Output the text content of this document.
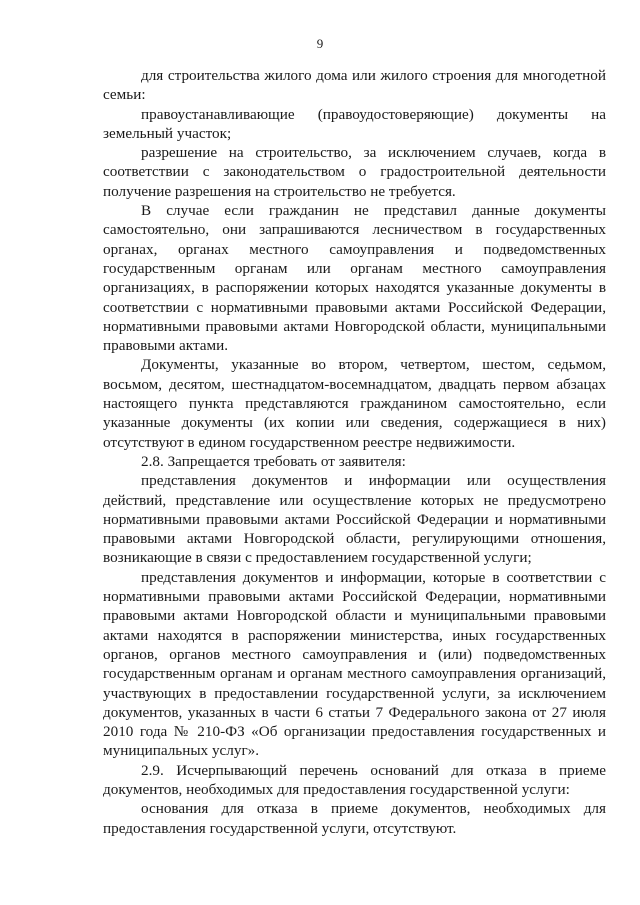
9

для строительства жилого дома или жилого строения для многодетной семьи:

правоустанавливающие (правоудостоверяющие) документы на земельный участок;

разрешение на строительство, за исключением случаев, когда в соответствии с законодательством о градостроительной деятельности получение разрешения на строительство не требуется.

В случае если гражданин не представил данные документы самостоятельно, они запрашиваются лесничеством в государственных органах, органах местного самоуправления и подведомственных государственным органам или органам местного самоуправления организациях, в распоряжении которых находятся указанные документы в соответствии с нормативными правовыми актами Российской Федерации, нормативными правовыми актами Новгородской области, муниципальными правовыми актами.

Документы, указанные во втором, четвертом, шестом, седьмом, восьмом, десятом, шестнадцатом-восемнадцатом, двадцать первом абзацах настоящего пункта представляются гражданином самостоятельно, если указанные документы (их копии или сведения, содержащиеся в них) отсутствуют в едином государственном реестре недвижимости.

2.8. Запрещается требовать от заявителя:

представления документов и информации или осуществления действий, представление или осуществление которых не предусмотрено нормативными правовыми актами Российской Федерации и нормативными правовыми актами Новгородской области, регулирующими отношения, возникающие в связи с предоставлением государственной услуги;

представления документов и информации, которые в соответствии с нормативными правовыми актами Российской Федерации, нормативными правовыми актами Новгородской области и муниципальными правовыми актами находятся в распоряжении министерства, иных государственных органов, органов местного самоуправления и (или) подведомственных государственным органам и органам местного самоуправления организаций, участвующих в предоставлении государственной услуги, за исключением документов, указанных в части 6 статьи 7 Федерального закона от 27 июля 2010 года № 210-ФЗ «Об организации предоставления государственных и муниципальных услуг».

2.9. Исчерпывающий перечень оснований для отказа в приеме документов, необходимых для предоставления государственной услуги:

основания для отказа в приеме документов, необходимых для предоставления государственной услуги, отсутствуют.
